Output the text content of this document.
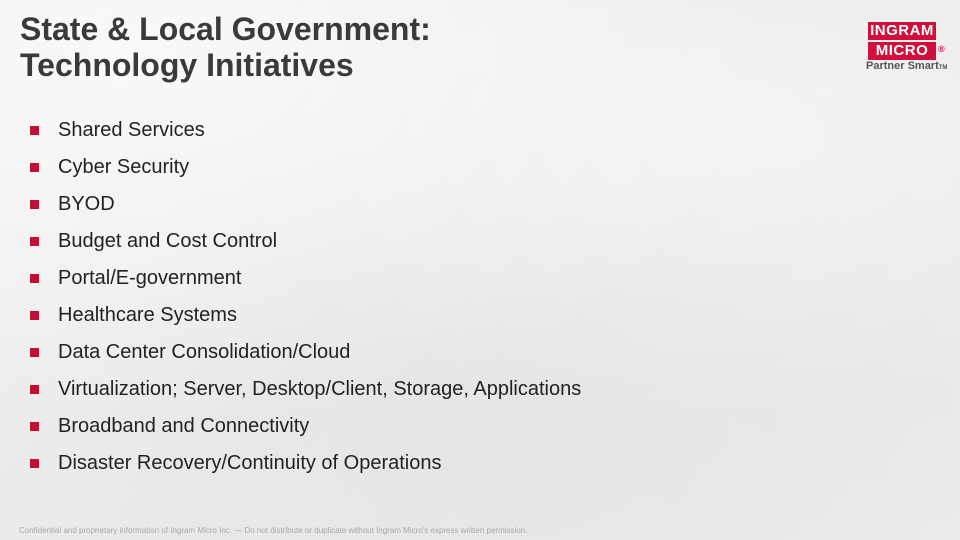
State & Local Government:
Technology Initiatives
INGRAM
MICRO	®
Partner SmartTM
Shared Services
Cyber Security
BYOD
Budget and Cost Control
Portal/E-government
Healthcare Systems
Data Center Consolidation/Cloud
Virtualization; Server, Desktop/Client, Storage, Applications
Broadband and Connectivity
Disaster Recovery/Continuity of Operations
Confidential and proprietary information of Ingram Micro Inc. — Do not distribute or duplicate without Ingram Micro's express written permission.
